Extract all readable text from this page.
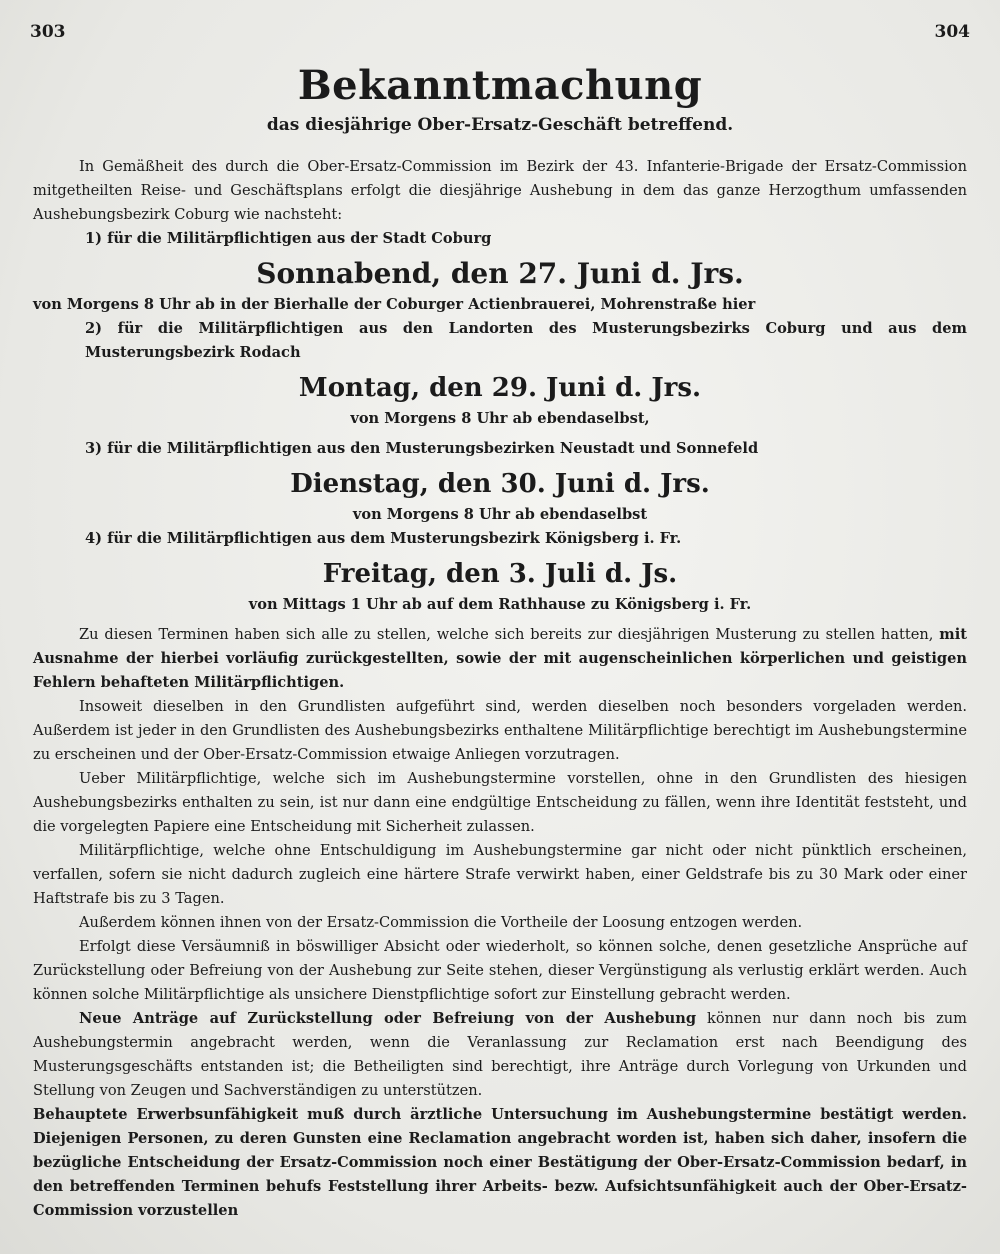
303	304
Bekanntmachung
das diesjährige Ober-Ersatz-Geschäft betreffend.

In Gemäßheit des durch die Ober-Ersatz-Commission im Bezirk der 43. Infanterie-Brigade der Ersatz-Commission mitgetheilten Reise- und Geschäftsplans erfolgt die diesjährige Aushebung in dem das ganze Herzogthum umfassenden Aushebungsbezirk Coburg wie nachsteht:

1) für die Militärpflichtigen aus der Stadt Coburg

Sonnabend, den 27. Juni d. Jrs.

von Morgens 8 Uhr ab in der Bierhalle der Coburger Actienbrauerei, Mohrenstraße hier

2) für die Militärpflichtigen aus den Landorten des Musterungsbezirks Coburg und aus dem Musterungsbezirk Rodach

Montag, den 29. Juni d. Jrs.

von Morgens 8 Uhr ab ebendaselbst,

3) für die Militärpflichtigen aus den Musterungsbezirken Neustadt und Sonnefeld

Dienstag, den 30. Juni d. Jrs.

von Morgens 8 Uhr ab ebendaselbst

4) für die Militärpflichtigen aus dem Musterungsbezirk Königsberg i. Fr.

Freitag, den 3. Juli d. Js.

von Mittags 1 Uhr ab auf dem Rathhause zu Königsberg i. Fr.

Zu diesen Terminen haben sich alle zu stellen, welche sich bereits zur diesjährigen Musterung zu stellen hatten, mit Ausnahme der hierbei vorläufig zurückgestellten, sowie der mit augenscheinlichen körperlichen und geistigen Fehlern behafteten Militärpflichtigen.

Insoweit dieselben in den Grundlisten aufgeführt sind, werden dieselben noch besonders vorgeladen werden. Außerdem ist jeder in den Grundlisten des Aushebungsbezirks enthaltene Militärpflichtige berechtigt im Aushebungstermine zu erscheinen und der Ober-Ersatz-Commission etwaige Anliegen vorzutragen.

Ueber Militärpflichtige, welche sich im Aushebungstermine vorstellen, ohne in den Grundlisten des hiesigen Aushebungsbezirks enthalten zu sein, ist nur dann eine endgültige Entscheidung zu fällen, wenn ihre Identität feststeht, und die vorgelegten Papiere eine Entscheidung mit Sicherheit zulassen.

Militärpflichtige, welche ohne Entschuldigung im Aushebungstermine gar nicht oder nicht pünktlich erscheinen, verfallen, sofern sie nicht dadurch zugleich eine härtere Strafe verwirkt haben, einer Geldstrafe bis zu 30 Mark oder einer Haftstrafe bis zu 3 Tagen.

Außerdem können ihnen von der Ersatz-Commission die Vortheile der Loosung entzogen werden.

Erfolgt diese Versäumniß in böswilliger Absicht oder wiederholt, so können solche, denen gesetzliche Ansprüche auf Zurückstellung oder Befreiung von der Aushebung zur Seite stehen, dieser Vergünstigung als verlustig erklärt werden. Auch können solche Militärpflichtige als unsichere Dienstpflichtige sofort zur Einstellung gebracht werden.

Neue Anträge auf Zurückstellung oder Befreiung von der Aushebung können nur dann noch bis zum Aushebungstermin angebracht werden, wenn die Veranlassung zur Reclamation erst nach Beendigung des Musterungsgeschäfts entstanden ist; die Betheiligten sind berechtigt, ihre Anträge durch Vorlegung von Urkunden und Stellung von Zeugen und Sachverständigen zu unterstützen.

Behauptete Erwerbsunfähigkeit muß durch ärztliche Untersuchung im Aushebungstermine bestätigt werden. Diejenigen Personen, zu deren Gunsten eine Reclamation angebracht worden ist, haben sich daher, insofern die bezügliche Entscheidung der Ersatz-Commission noch einer Bestätigung der Ober-Ersatz-Commission bedarf, in den betreffenden Terminen behufs Feststellung ihrer Arbeits- bezw. Aufsichtsunfähigkeit auch der Ober-Ersatz-Commission vorzustellen
